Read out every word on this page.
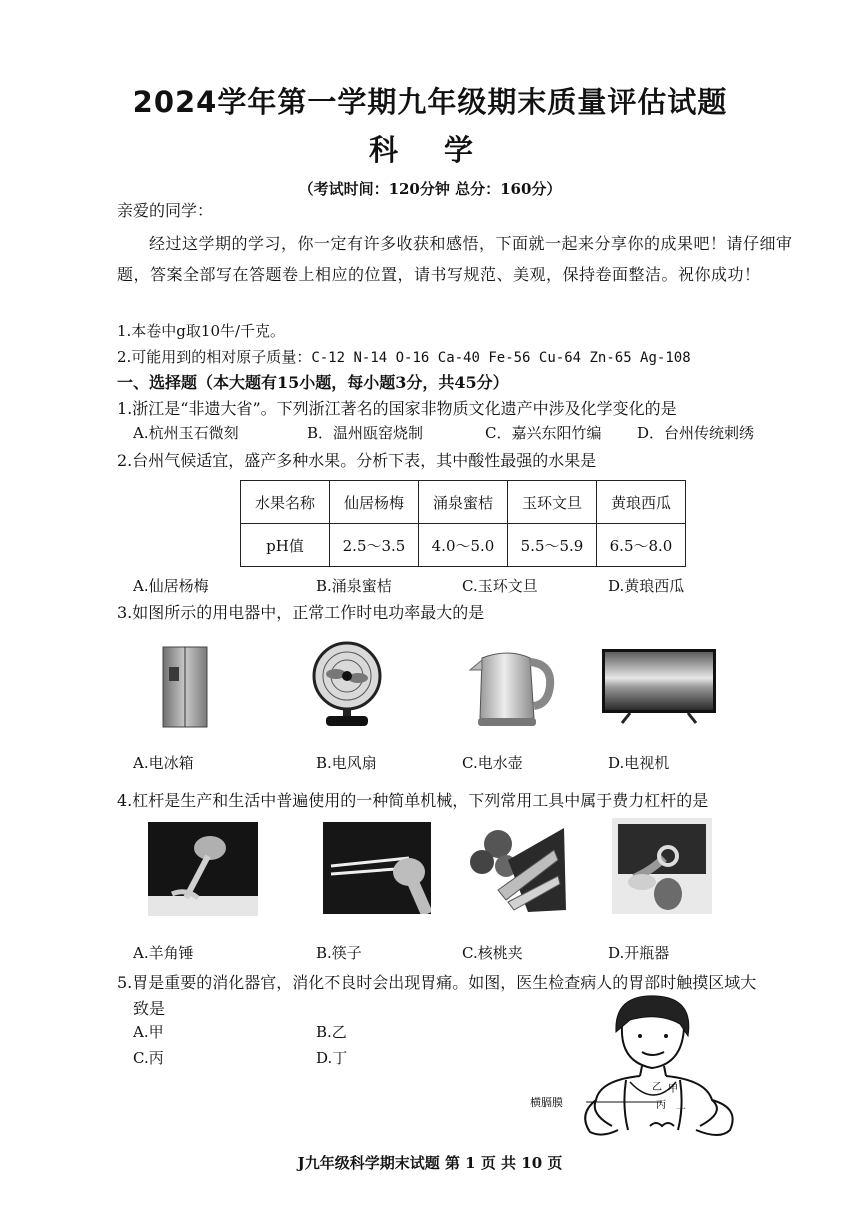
2024学年第一学期九年级期末质量评估试题
科 学
（考试时间：120分钟 总分：160分）
亲爱的同学：
经过这学期的学习，你一定有许多收获和感悟，下面就一起来分享你的成果吧！请仔细审题，答案全部写在答题卷上相应的位置，请书写规范、美观，保持卷面整洁。祝你成功！
1.本卷中g取10牛/千克。
2.可能用到的相对原子质量：C-12 N-14 O-16 Ca-40 Fe-56 Cu-64 Zn-65 Ag-108
一、选择题（本大题有15小题，每小题3分，共45分）
1.浙江是“非遗大省”。下列浙江著名的国家非物质文化遗产中涉及化学变化的是
A.杭州玉石微刻	B．温州瓯窑烧制	C．嘉兴东阳竹编 D．台州传统刺绣
2.台州气候适宜，盛产多种水果。分析下表，其中酸性最强的水果是
水果名称	仙居杨梅	涌泉蜜桔	玉环文旦	黄琅西瓜
pH值	2.5～3.5	4.0～5.0	5.5～5.9	6.5～8.0
A.仙居杨梅	B.涌泉蜜桔	C.玉环文旦	D.黄琅西瓜
3.如图所示的用电器中，正常工作时电功率最大的是
A.电冰箱	B.电风扇	C.电水壶	D.电视机
4.杠杆是生产和生活中普遍使用的一种简单机械，下列常用工具中属于费力杠杆的是
A.羊角锤	B.筷子	C.核桃夹	D.开瓶器
5.胃是重要的消化器官，消化不良时会出现胃痛。如图，医生检查病人的胃部时触摸区域大
致是
A.甲	B.乙
C.丙	D.丁
横膈膜
乙 甲
丙
丁
J九年级科学期末试题 第 1 页 共 10 页
